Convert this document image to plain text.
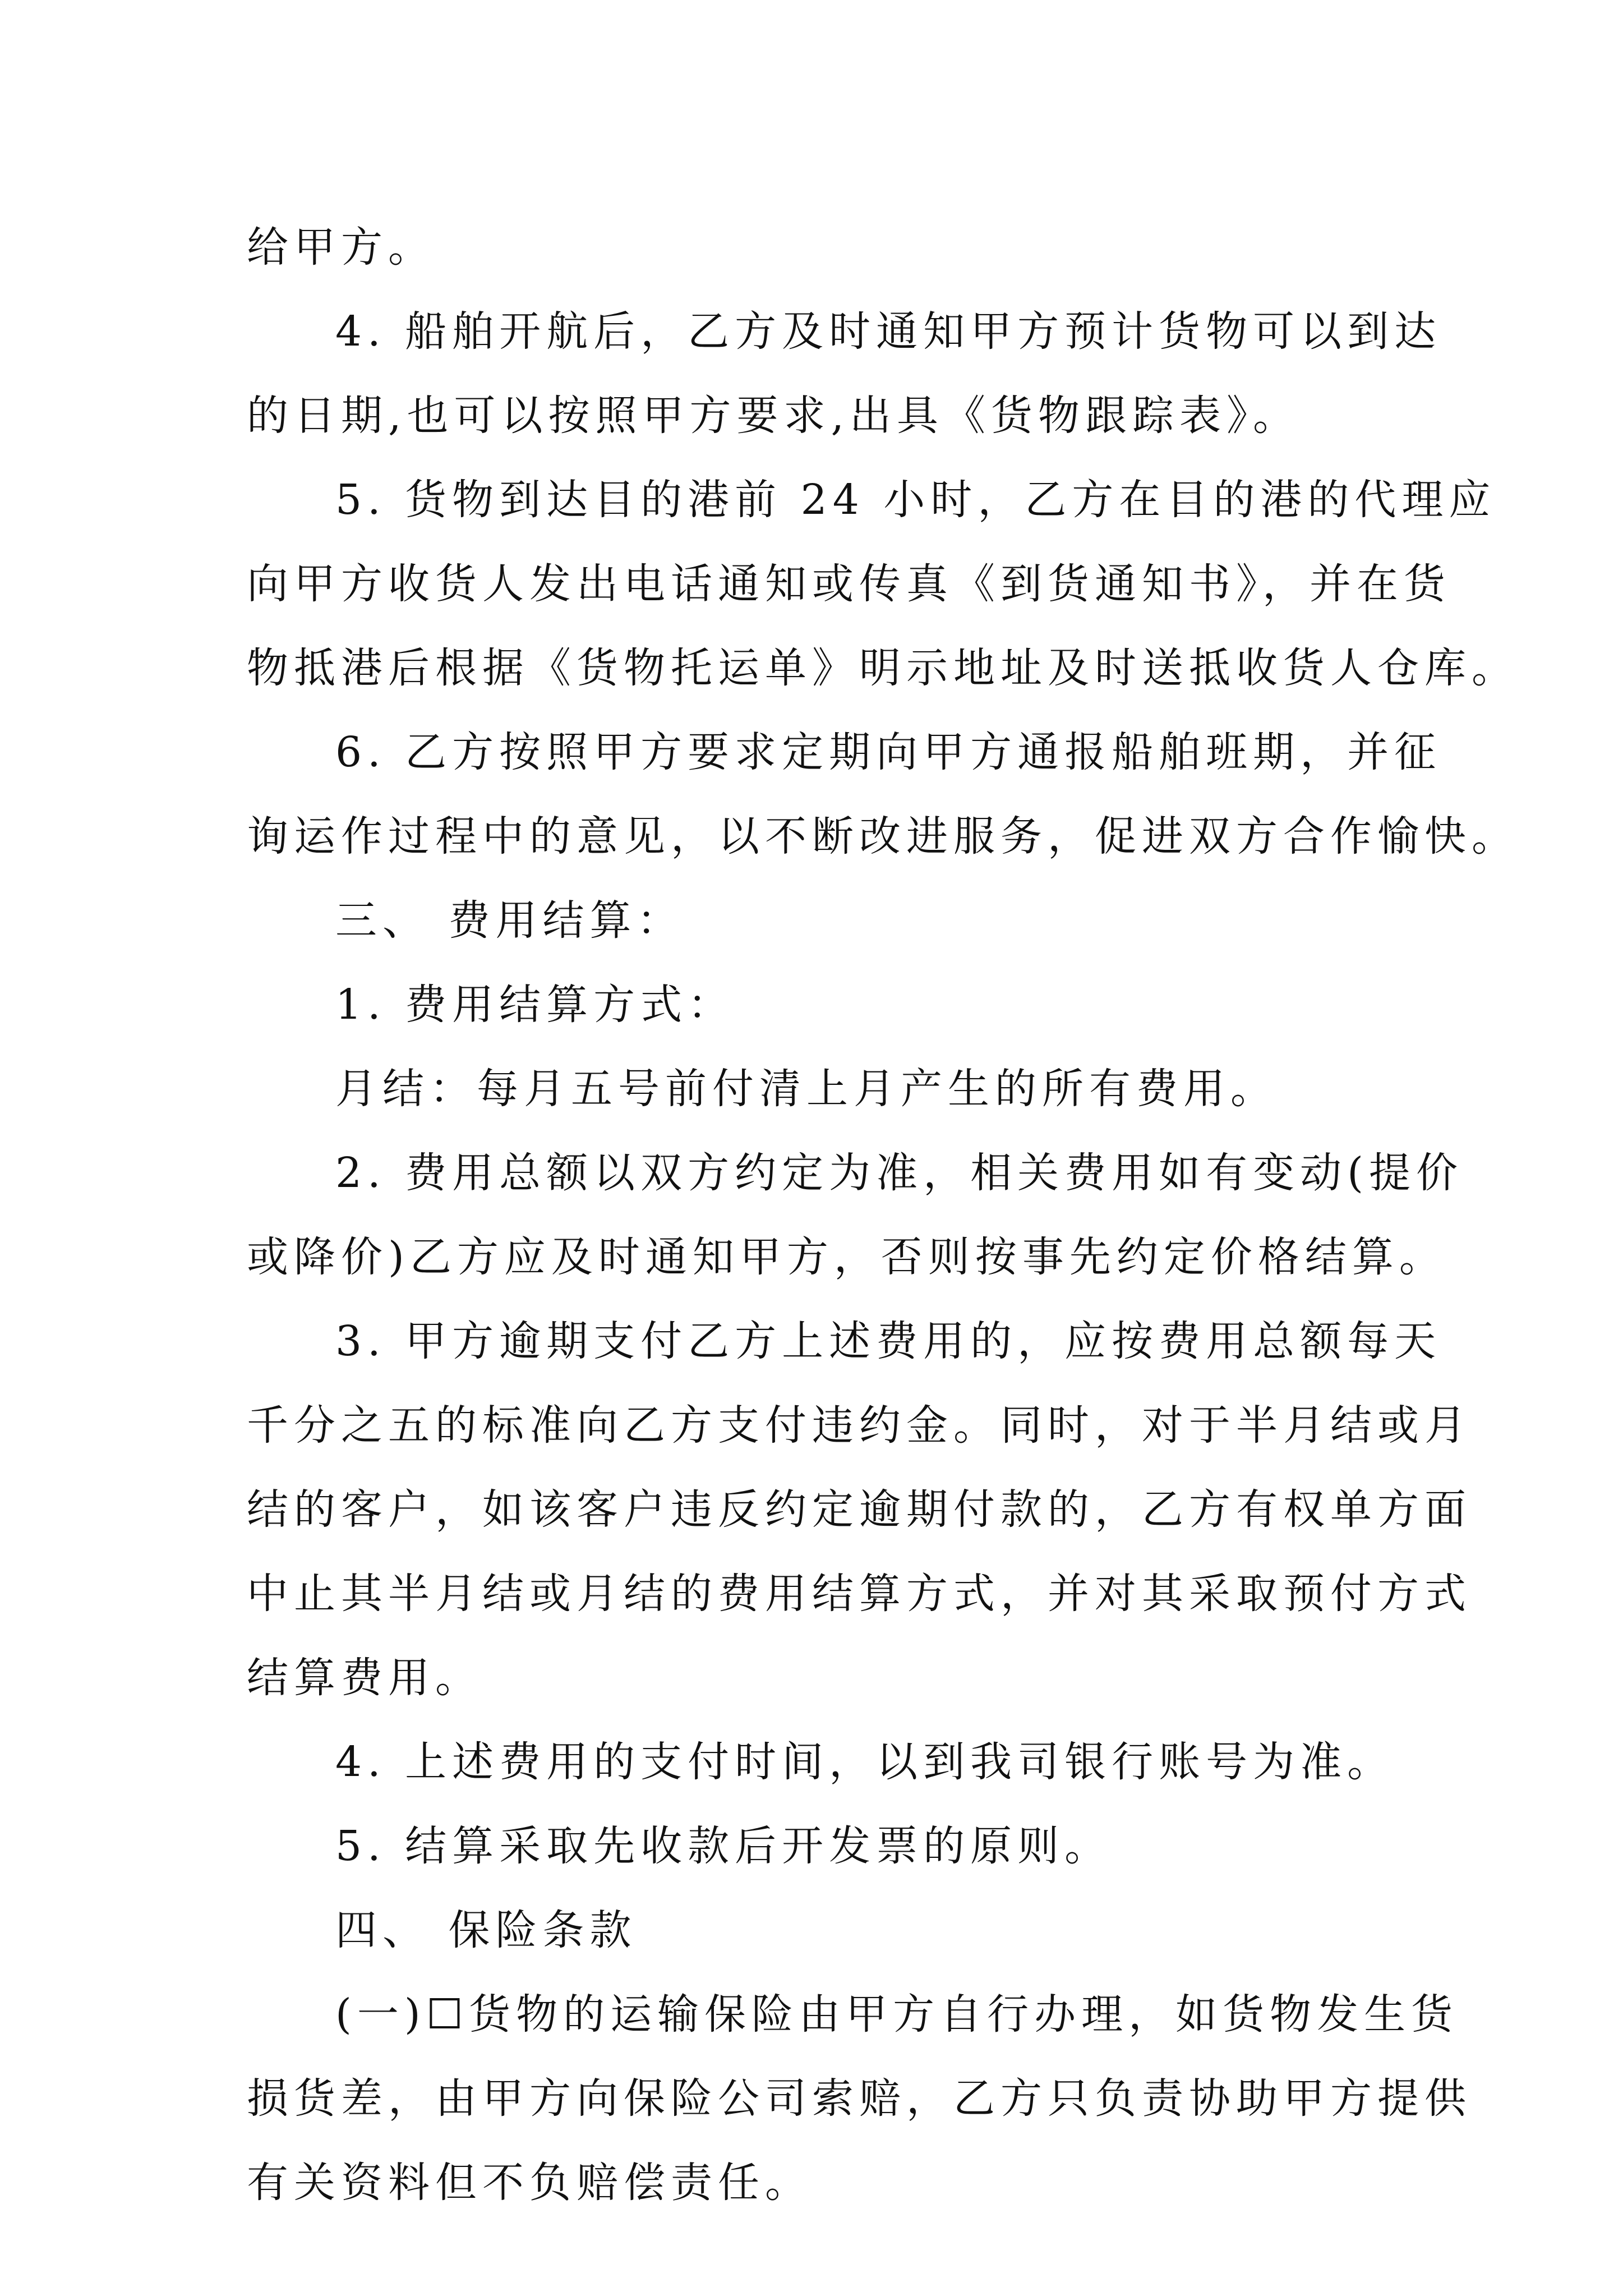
给甲方。
4. 船舶开航后，乙方及时通知甲方预计货物可以到达
的日期,也可以按照甲方要求,出具《货物跟踪表》。
5. 货物到达目的港前 24 小时，乙方在目的港的代理应
向甲方收货人发出电话通知或传真《到货通知书》，并在货
物抵港后根据《货物托运单》明示地址及时送抵收货人仓库。
6. 乙方按照甲方要求定期向甲方通报船舶班期，并征
询运作过程中的意见，以不断改进服务，促进双方合作愉快。
三、 费用结算：
1. 费用结算方式：
月结：每月五号前付清上月产生的所有费用。
2. 费用总额以双方约定为准，相关费用如有变动(提价
或降价)乙方应及时通知甲方，否则按事先约定价格结算。
3. 甲方逾期支付乙方上述费用的，应按费用总额每天
千分之五的标准向乙方支付违约金。同时，对于半月结或月
结的客户，如该客户违反约定逾期付款的，乙方有权单方面
中止其半月结或月结的费用结算方式，并对其采取预付方式
结算费用。
4. 上述费用的支付时间，以到我司银行账号为准。
5. 结算采取先收款后开发票的原则。
四、 保险条款
(一)☐货物的运输保险由甲方自行办理，如货物发生货
损货差，由甲方向保险公司索赔，乙方只负责协助甲方提供
有关资料但不负赔偿责任。
